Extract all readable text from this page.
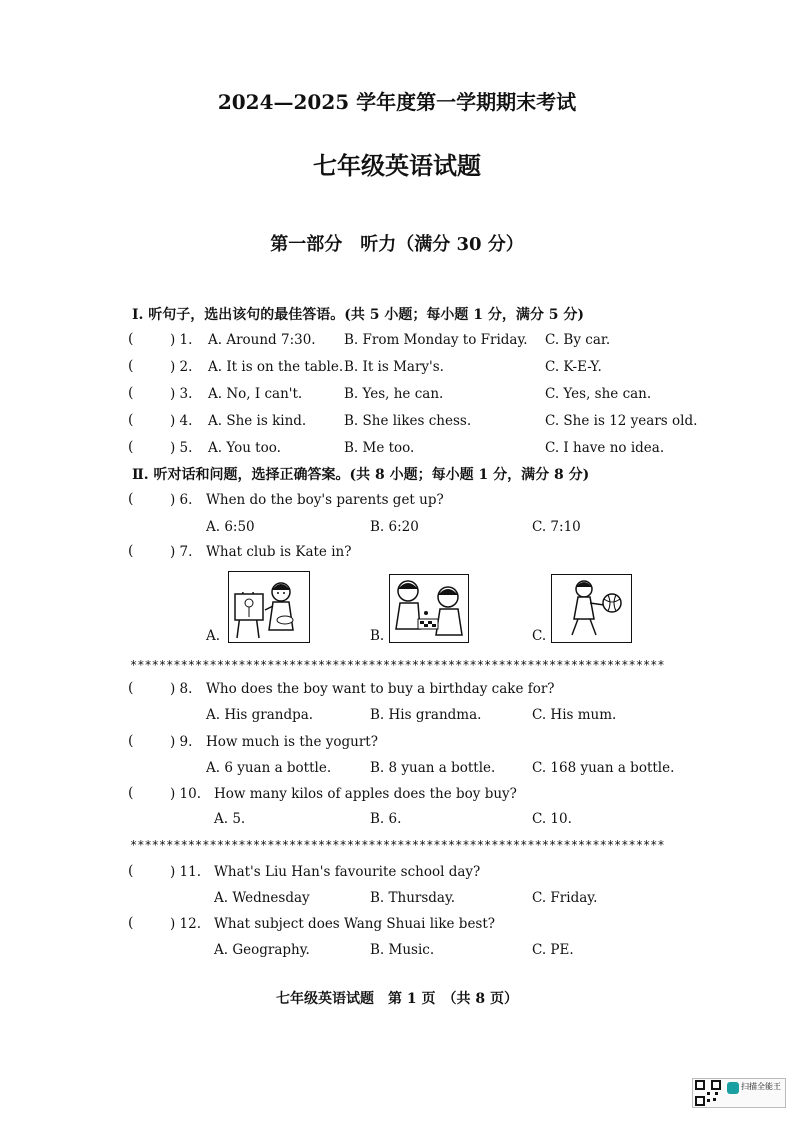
2024—2025 学年度第一学期期末考试
七年级英语试题
第一部分　听力（满分 30 分）
Ⅰ. 听句子，选出该句的最佳答语。(共 5 小题；每小题 1 分，满分 5 分)
(	) 1. A. Around 7:30. B. From Monday to Friday. C. By car.
(	) 2. A. It is on the table. B. It is Mary's.	C. K-E-Y.
(	) 3. A. No, I can't.	B. Yes, he can.	C. Yes, she can.
(	) 4. A. She is kind.	B. She likes chess.	C. She is 12 years old.
(	) 5. A. You too.	B. Me too.	C. I have no idea.
Ⅱ. 听对话和问题，选择正确答案。(共 8 小题；每小题 1 分，满分 8 分)
(	) 6. When do the boy's parents get up?
A. 6:50	B. 6:20	C. 7:10
(	) 7. What club is Kate in?
A.	B.	C.
**************************************************************************
(	) 8. Who does the boy want to buy a birthday cake for?
A. His grandpa.	B. His grandma.	C. His mum.
(	) 9. How much is the yogurt?
A. 6 yuan a bottle.	B. 8 yuan a bottle.	C. 168 yuan a bottle.
(	) 10. How many kilos of apples does the boy buy?
A. 5.	B. 6.	C. 10.
**************************************************************************
(	) 11. What's Liu Han's favourite school day?
A. Wednesday	B. Thursday.	C. Friday.
(	) 12. What subject does Wang Shuai like best?
A. Geography.	B. Music.	C. PE.
七年级英语试题　第 1 页　（共 8 页）
扫描全能王
